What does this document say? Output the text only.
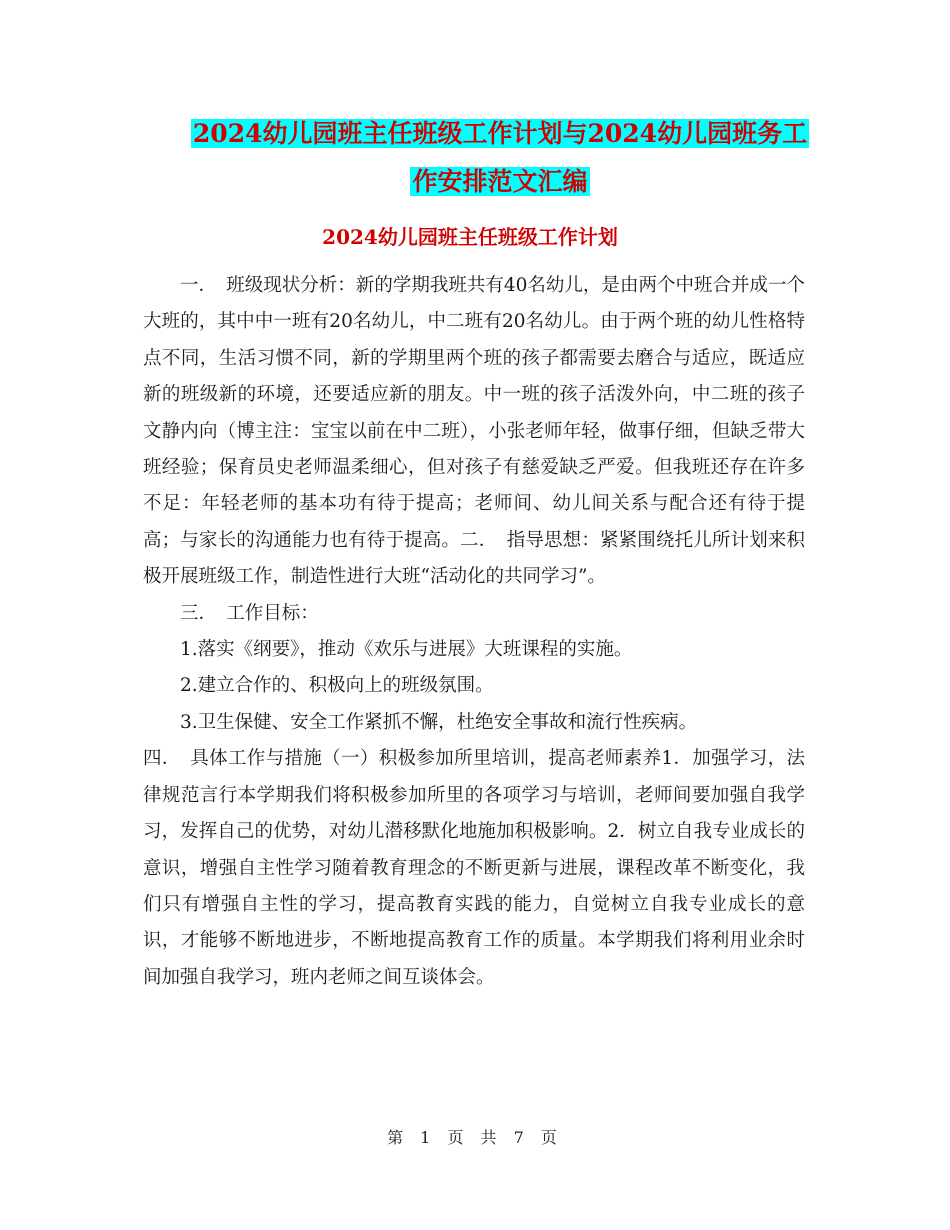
2024幼儿园班主任班级工作计划与2024幼儿园班务工
作安排范文汇编
2024幼儿园班主任班级工作计划

一．　班级现状分析：新的学期我班共有40名幼儿，是由两个中班合并成一个大班的，其中中一班有20名幼儿，中二班有20名幼儿。由于两个班的幼儿性格特点不同，生活习惯不同，新的学期里两个班的孩子都需要去磨合与适应，既适应新的班级新的环境，还要适应新的朋友。中一班的孩子活泼外向，中二班的孩子文静内向（博主注：宝宝以前在中二班），小张老师年轻，做事仔细，但缺乏带大班经验；保育员史老师温柔细心，但对孩子有慈爱缺乏严爱。但我班还存在许多不足：年轻老师的基本功有待于提高；老师间、幼儿间关系与配合还有待于提高；与家长的沟通能力也有待于提高。二．　指导思想：紧紧围绕托儿所计划来积极开展班级工作，制造性进行大班“活动化的共同学习”。

三．　工作目标：

1.落实《纲要》，推动《欢乐与进展》大班课程的实施。

2.建立合作的、积极向上的班级氛围。

3.卫生保健、安全工作紧抓不懈，杜绝安全事故和流行性疾病。

四．　具体工作与措施（一）积极参加所里培训，提高老师素养1．加强学习，法律规范言行本学期我们将积极参加所里的各项学习与培训，老师间要加强自我学习，发挥自己的优势，对幼儿潜移默化地施加积极影响。2．树立自我专业成长的意识，增强自主性学习随着教育理念的不断更新与进展，课程改革不断变化，我们只有增强自主性的学习，提高教育实践的能力，自觉树立自我专业成长的意识，才能够不断地进步，不断地提高教育工作的质量。本学期我们将利用业余时间加强自我学习，班内老师之间互谈体会。

第 1 页 共 7 页
